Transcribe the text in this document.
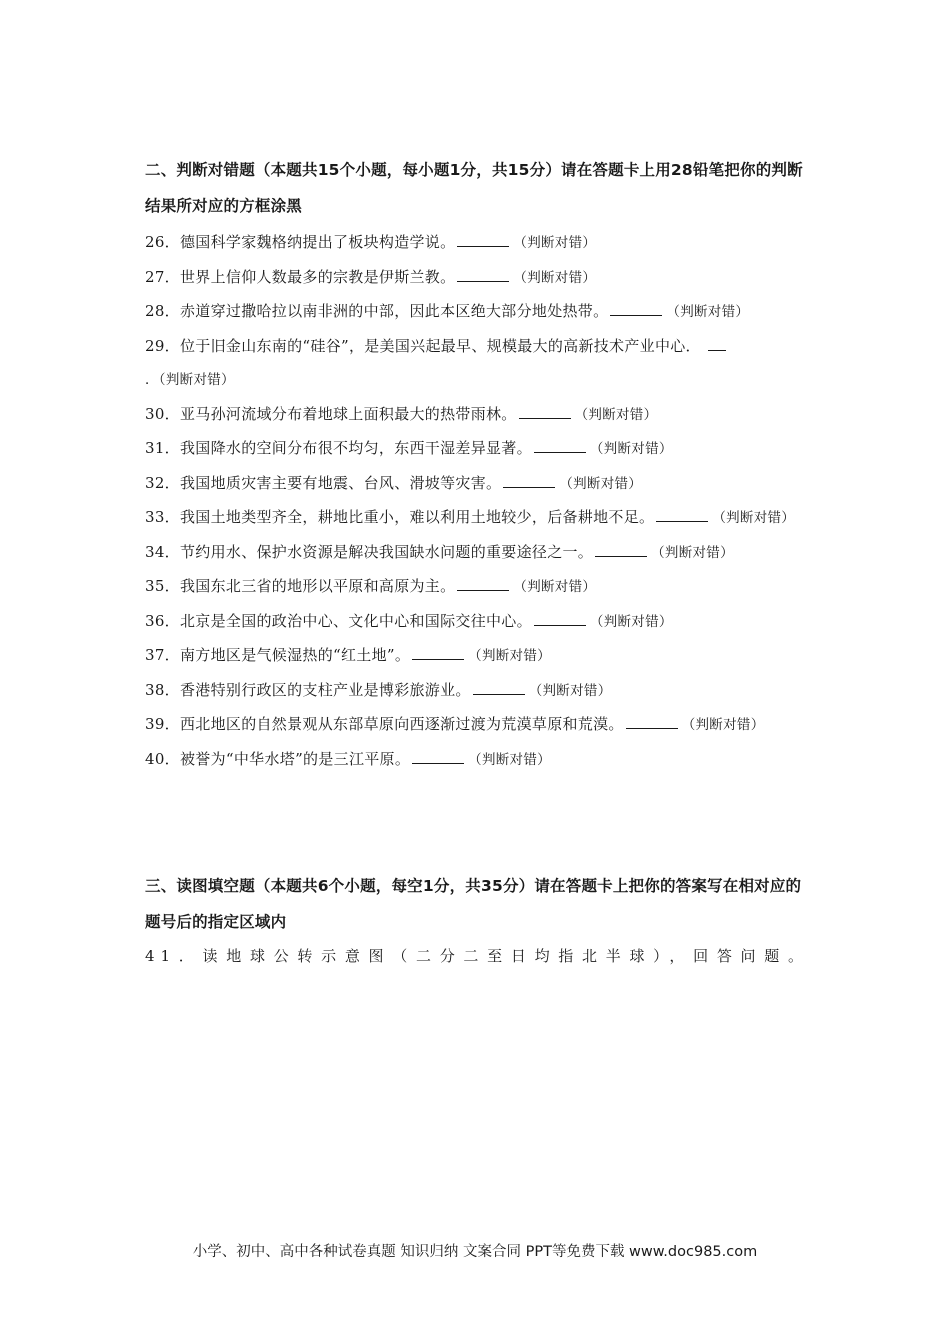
二、判断对错题（本题共15个小题，每小题1分，共15分）请在答题卡上用28铅笔把你的判断结果所对应的方框涂黑
26．德国科学家魏格纳提出了板块构造学说。	（判断对错）
27．世界上信仰人数最多的宗教是伊斯兰教。	（判断对错）
28．赤道穿过撒哈拉以南非洲的中部，因此本区绝大部分地处热带。	（判断对错）
29．位于旧金山东南的“硅谷”，是美国兴起最早、规模最大的高新技术产业中心．
．（判断对错）
30．亚马孙河流域分布着地球上面积最大的热带雨林。	（判断对错）
31．我国降水的空间分布很不均匀，东西干湿差异显著。	（判断对错）
32．我国地质灾害主要有地震、台风、滑坡等灾害。	（判断对错）
33．我国土地类型齐全，耕地比重小，难以利用土地较少，后备耕地不足。	（判断对错）
34．节约用水、保护水资源是解决我国缺水问题的重要途径之一。	（判断对错）
35．我国东北三省的地形以平原和高原为主。	（判断对错）
36．北京是全国的政治中心、文化中心和国际交往中心。	（判断对错）
37．南方地区是气候湿热的“红土地”。	（判断对错）
38．香港特别行政区的支柱产业是博彩旅游业。	（判断对错）
39．西北地区的自然景观从东部草原向西逐渐过渡为荒漠草原和荒漠。	（判断对错）
40．被誉为“中华水塔”的是三江平原。	（判断对错）
三、读图填空题（本题共6个小题，每空1分，共35分）请在答题卡上把你的答案写在相对应的题号后的指定区域内
41．读地球公转示意图（二分二至日均指北半球），回答问题。
小学、初中、高中各种试卷真题 知识归纳 文案合同 PPT等免费下载 www.doc985.com
